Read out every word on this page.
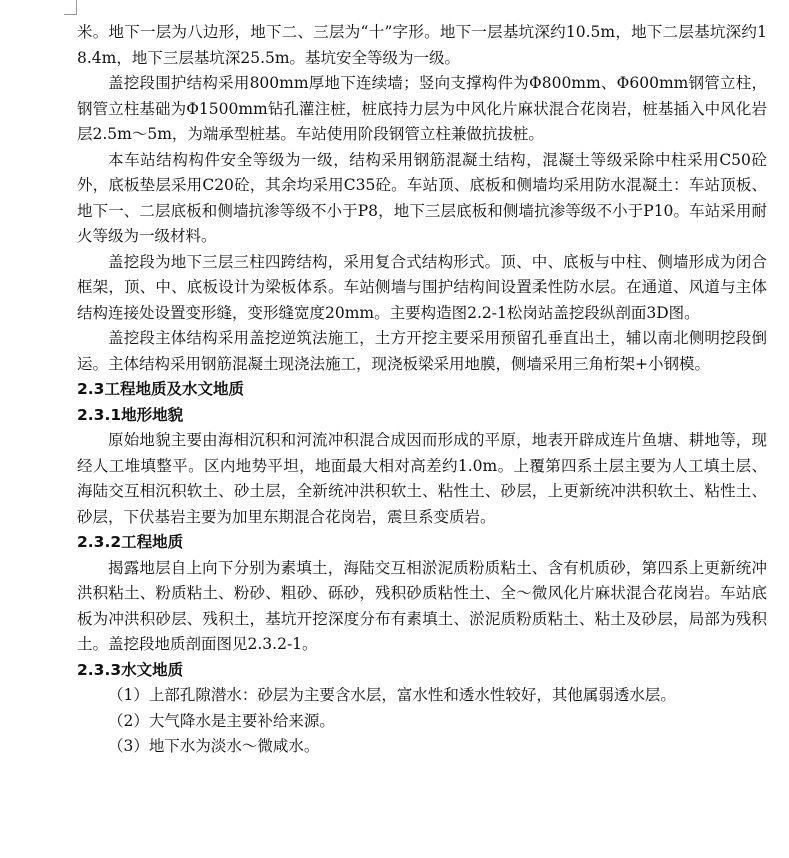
米。地下一层为八边形，地下二、三层为“十”字形。地下一层基坑深约10.5m，地下二层基坑深约18.4m，地下三层基坑深25.5m。基坑安全等级为一级。

盖挖段围护结构采用800mm厚地下连续墙；竖向支撑构件为Φ800mm、Φ600mm钢管立柱，钢管立柱基础为Φ1500mm钻孔灌注桩，桩底持力层为中风化片麻状混合花岗岩，桩基插入中风化岩层2.5m～5m，为端承型桩基。车站使用阶段钢管立柱兼做抗拔桩。

本车站结构构件安全等级为一级，结构采用钢筋混凝土结构，混凝土等级采除中柱采用C50砼外，底板垫层采用C20砼，其余均采用C35砼。车站顶、底板和侧墙均采用防水混凝土：车站顶板、地下一、二层底板和侧墙抗渗等级不小于P8，地下三层底板和侧墙抗渗等级不小于P10。车站采用耐火等级为一级材料。

盖挖段为地下三层三柱四跨结构，采用复合式结构形式。顶、中、底板与中柱、侧墙形成为闭合框架，顶、中、底板设计为梁板体系。车站侧墙与围护结构间设置柔性防水层。在通道、风道与主体结构连接处设置变形缝，变形缝宽度20mm。主要构造图2.2-1松岗站盖挖段纵剖面3D图。

盖挖段主体结构采用盖挖逆筑法施工，土方开挖主要采用预留孔垂直出土，辅以南北侧明挖段倒运。主体结构采用钢筋混凝土现浇法施工，现浇板梁采用地膜，侧墙采用三角桁架+小钢模。

2.3工程地质及水文地质
2.3.1地形地貌

原始地貌主要由海相沉积和河流冲积混合成因而形成的平原，地表开辟成连片鱼塘、耕地等，现经人工堆填整平。区内地势平坦，地面最大相对高差约1.0m。上覆第四系土层主要为人工填土层、海陆交互相沉积软土、砂土层，全新统冲洪积软土、粘性土、砂层，上更新统冲洪积软土、粘性土、砂层，下伏基岩主要为加里东期混合花岗岩，震旦系变质岩。

2.3.2工程地质

揭露地层自上向下分别为素填土，海陆交互相淤泥质粉质粘土、含有机质砂，第四系上更新统冲洪积粘土、粉质粘土、粉砂、粗砂、砾砂，残积砂质粘性土、全～微风化片麻状混合花岗岩。车站底板为冲洪积砂层、残积土，基坑开挖深度分布有素填土、淤泥质粉质粘土、粘土及砂层，局部为残积土。盖挖段地质剖面图见2.3.2-1。

2.3.3水文地质

（1）上部孔隙潜水：砂层为主要含水层，富水性和透水性较好，其他属弱透水层。

（2）大气降水是主要补给来源。

（3）地下水为淡水～微咸水。
